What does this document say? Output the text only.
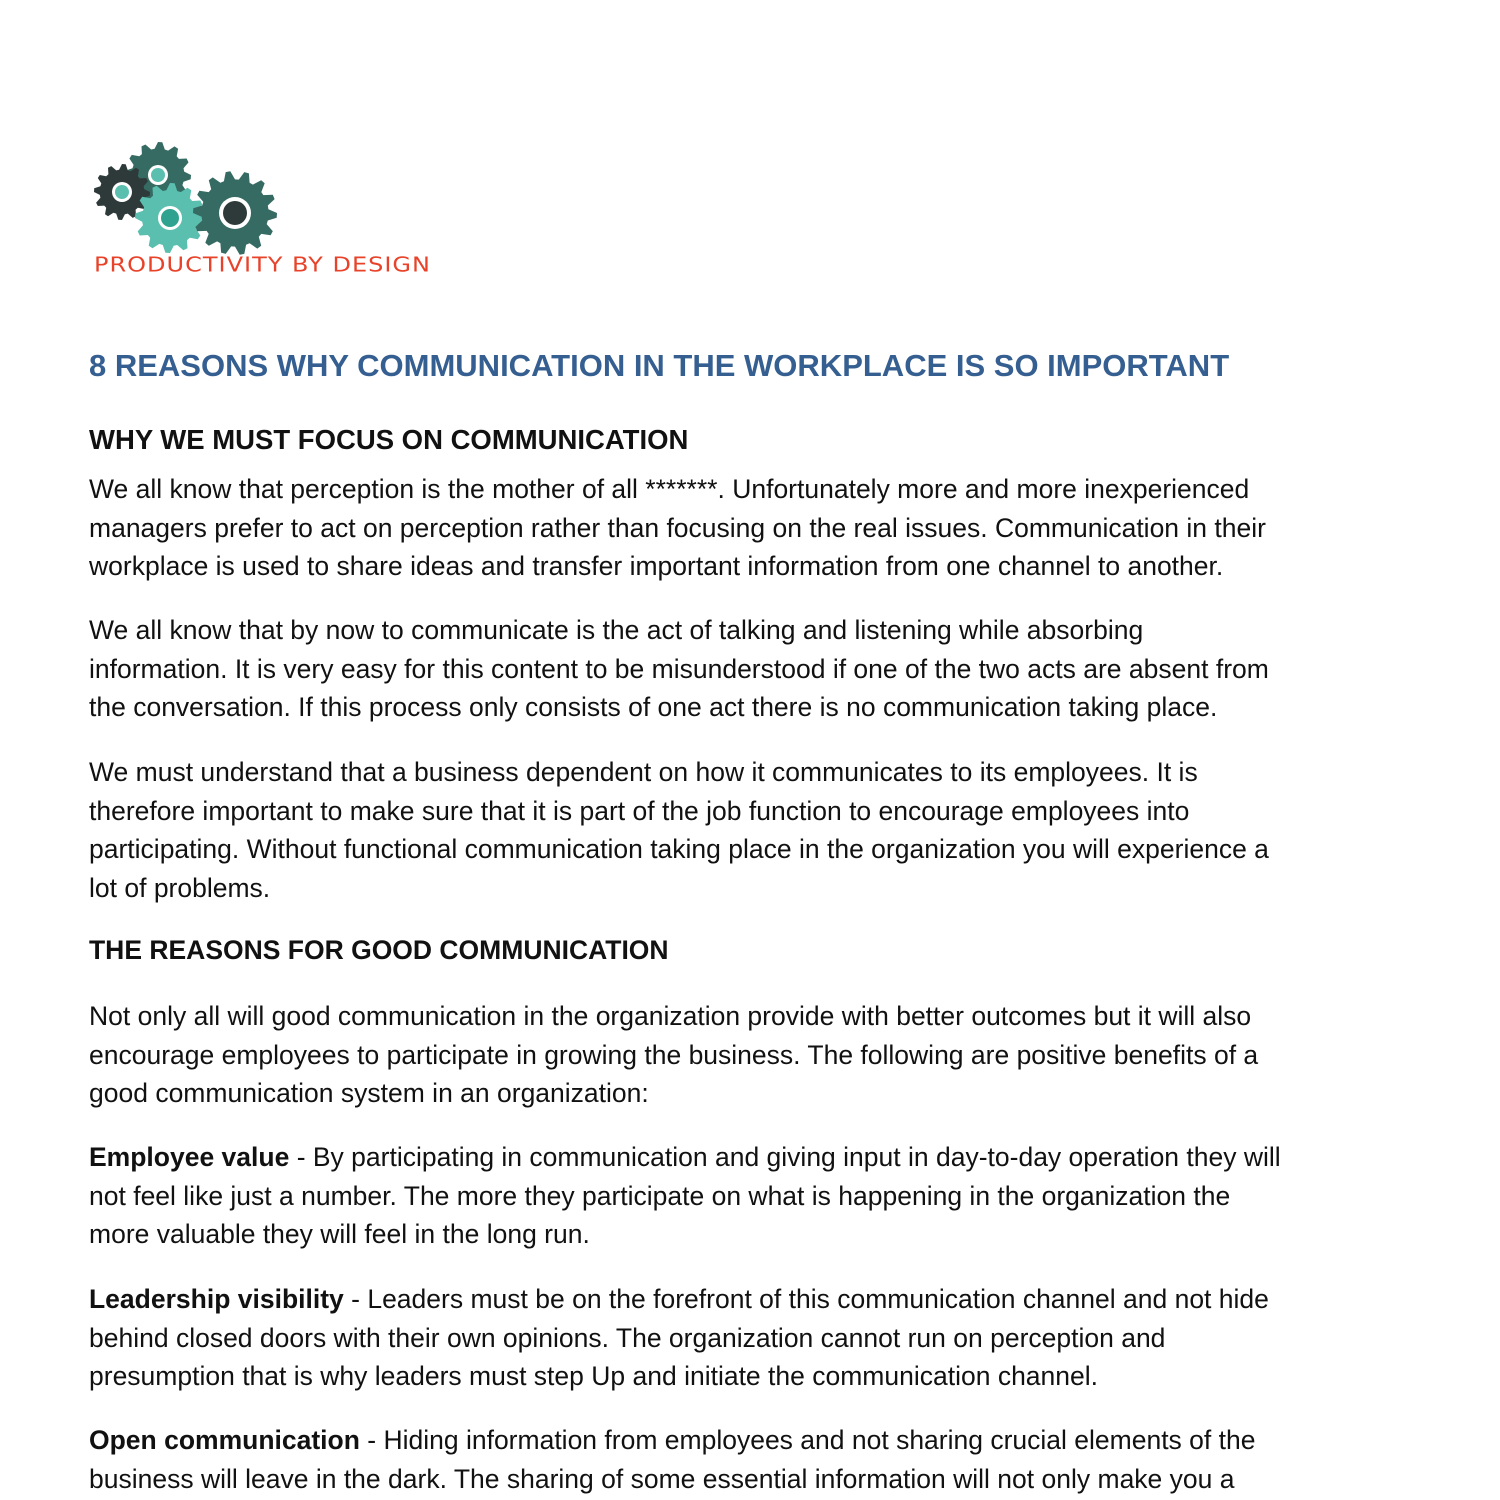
PRODUCTIVITY BY DESIGN
8 REASONS WHY COMMUNICATION IN THE WORKPLACE IS SO IMPORTANT
WHY WE MUST FOCUS ON COMMUNICATION
We all know that perception is the mother of all *******. Unfortunately more and more inexperienced
managers prefer to act on perception rather than focusing on the real issues. Communication in their
workplace is used to share ideas and transfer important information from one channel to another.
We all know that by now to communicate is the act of talking and listening while absorbing
information. It is very easy for this content to be misunderstood if one of the two acts are absent from
the conversation. If this process only consists of one act there is no communication taking place.
We must understand that a business dependent on how it communicates to its employees. It is
therefore important to make sure that it is part of the job function to encourage employees into
participating. Without functional communication taking place in the organization you will experience a
lot of problems.
THE REASONS FOR GOOD COMMUNICATION
Not only all will good communication in the organization provide with better outcomes but it will also
encourage employees to participate in growing the business. The following are positive benefits of a
good communication system in an organization:
Employee value - By participating in communication and giving input in day-to-day operation they will
not feel like just a number. The more they participate on what is happening in the organization the
more valuable they will feel in the long run.
Leadership visibility - Leaders must be on the forefront of this communication channel and not hide
behind closed doors with their own opinions. The organization cannot run on perception and
presumption that is why leaders must step Up and initiate the communication channel.
Open communication - Hiding information from employees and not sharing crucial elements of the
business will leave in the dark. The sharing of some essential information will not only make you a
